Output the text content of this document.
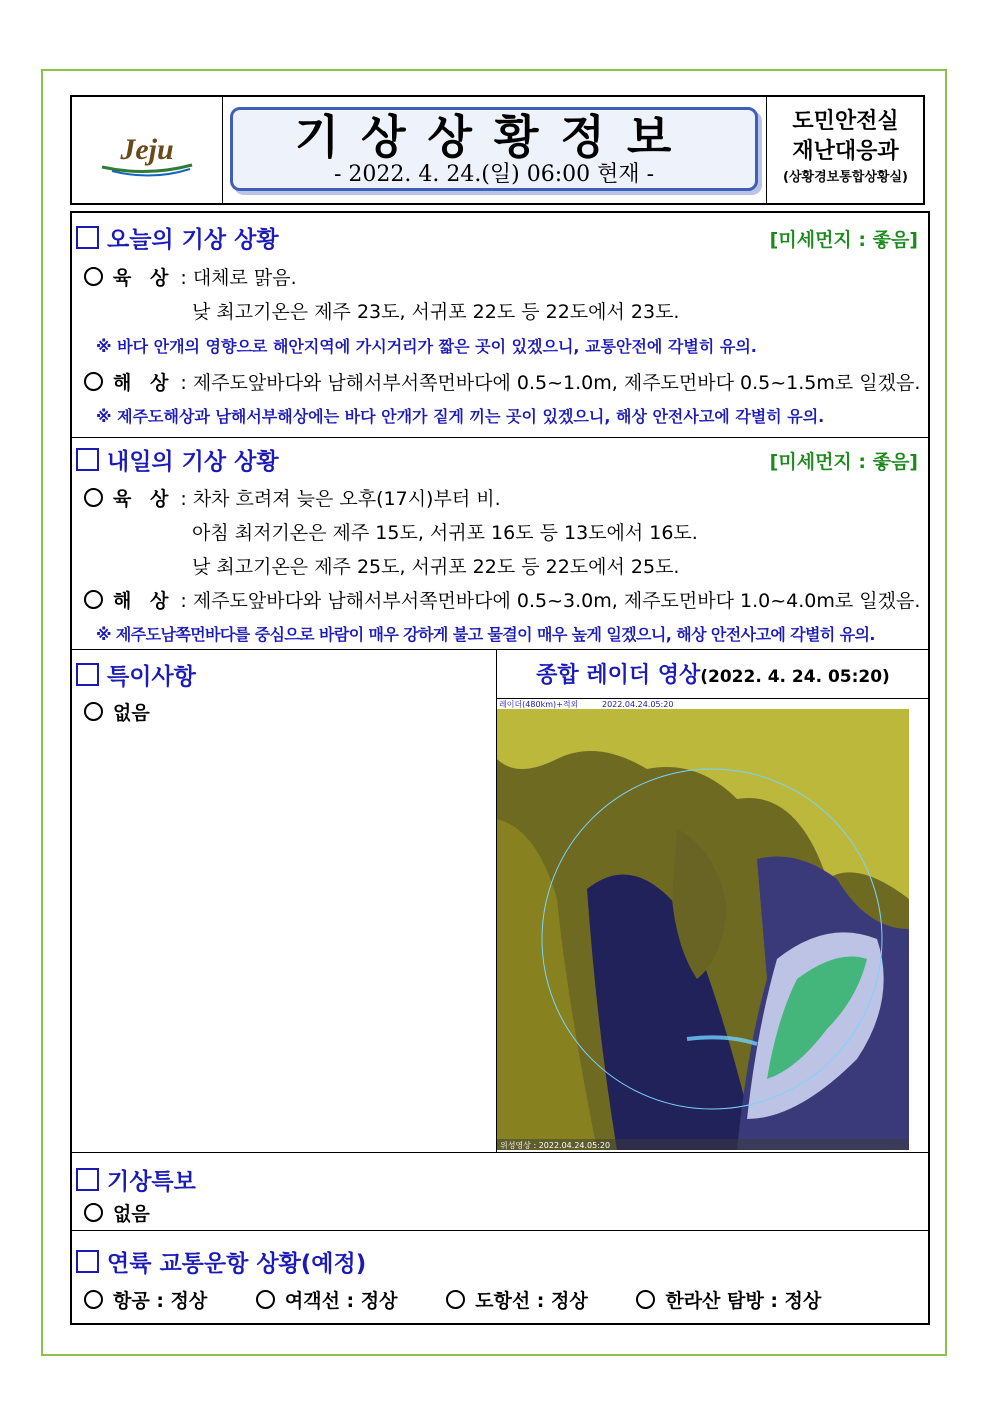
Jeju	기상상황정보
- 2022. 4. 24.(일) 06:00 현재 -
도민안전실
재난대응과
(상황경보통합상황실)
오늘의 기상 상황	[미세먼지 : 좋음]
육 상 : 대체로 맑음.
낮 최고기온은 제주 23도, 서귀포 22도 등 22도에서 23도.
※ 바다 안개의 영향으로 해안지역에 가시거리가 짧은 곳이 있겠으니, 교통안전에 각별히 유의.
해 상 : 제주도앞바다와 남해서부서쪽먼바다에 0.5~1.0m, 제주도먼바다 0.5~1.5m로 일겠음.
※ 제주도해상과 남해서부해상에는 바다 안개가 짙게 끼는 곳이 있겠으니, 해상 안전사고에 각별히 유의.
내일의 기상 상황	[미세먼지 : 좋음]
육 상 : 차차 흐려져 늦은 오후(17시)부터 비.
아침 최저기온은 제주 15도, 서귀포 16도 등 13도에서 16도.
낮 최고기온은 제주 25도, 서귀포 22도 등 22도에서 25도.
해 상 : 제주도앞바다와 남해서부서쪽먼바다에 0.5~3.0m, 제주도먼바다 1.0~4.0m로 일겠음.
※ 제주도남쪽먼바다를 중심으로 바람이 매우 강하게 불고 물결이 매우 높게 일겠으니, 해상 안전사고에 각별히 유의.
특이사항
없음
종합 레이더 영상(2022. 4. 24. 05:20)
레이더(480km)+적외	2022.04.24.05:20
위성영상 : 2022.04.24.05:20
기상특보
없음
연륙 교통운항 상황(예정)
항공 : 정상	여객선 : 정상	도항선 : 정상	한라산 탐방 : 정상
